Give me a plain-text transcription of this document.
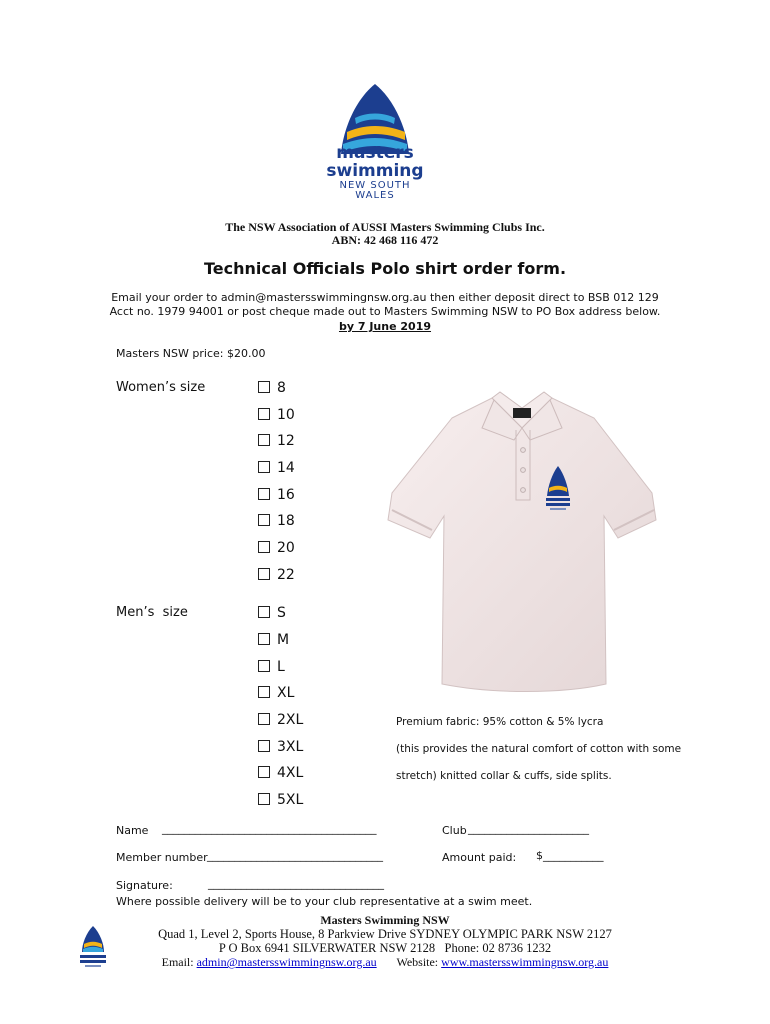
masters
swimming
NEW SOUTH
WALES
The NSW Association of AUSSI Masters Swimming Clubs Inc.
ABN: 42 468 116 472
Technical Officials Polo shirt order form.
Email your order to admin@mastersswimmingnsw.org.au then either deposit direct to BSB 012 129
Acct no. 1979 94001 or post cheque made out to Masters Swimming NSW to PO Box address below.
by 7 June 2019
Masters NSW price: $20.00
Women’s size	8
10
12
14
16
18
20
22
Men’s  size	S
M
L
XL
2XL
3XL
4XL
5XL
Premium fabric: 95% cotton & 5% lycra
(this provides the natural comfort of cotton with some
stretch) knitted collar & cuffs, side splits.
Name _______________________________________	Club ______________________
Member number ________________________________	Amount paid: $___________
Signature:	________________________________
Where possible delivery will be to your club representative at a swim meet.
Masters Swimming NSW
Quad 1, Level 2, Sports House, 8 Parkview Drive SYDNEY OLYMPIC PARK NSW 2127
P O Box 6941 SILVERWATER NSW 2128   Phone: 02 8736 1232
Email: admin@mastersswimmingnsw.org.au Website: www.mastersswimmingnsw.org.au
